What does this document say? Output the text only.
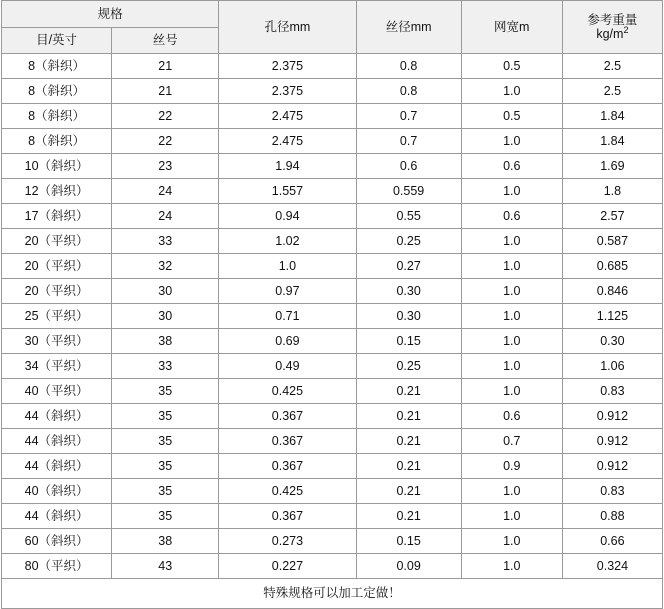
规格		孔径mm	丝径mm	网宽m	参考重量
$kg/m^2$
目/英寸	丝号				
8（斜织）	21	2.375	0.8	0.5	2.5
8（斜织）	21	2.375	0.8	1.0	2.5
8（斜织）	22	2.475	0.7	0.5	1.84
8（斜织）	22	2.475	0.7	1.0	1.84
10（斜织）	23	1.94	0.6	0.6	1.69
12（斜织）	24	1.557	0.559	1.0	1.8
17（斜织）	24	0.94	0.55	0.6	2.57
20（平织）	33	1.02	0.25	1.0	0.587
20（平织）	32	1.0	0.27	1.0	0.685
20（平织）	30	0.97	0.30	1.0	0.846
25（平织）	30	0.71	0.30	1.0	1.125
30（平织）	38	0.69	0.15	1.0	0.30
34（平织）	33	0.49	0.25	1.0	1.06
40（平织）	35	0.425	0.21	1.0	0.83
44（斜织）	35	0.367	0.21	0.6	0.912
44（斜织）	35	0.367	0.21	0.7	0.912
44（斜织）	35	0.367	0.21	0.9	0.912
40（斜织）	35	0.425	0.21	1.0	0.83
44（斜织）	35	0.367	0.21	1.0	0.88
60（斜织）	38	0.273	0.15	1.0	0.66
80（平织）	43	0.227	0.09	1.0	0.324
特殊规格可以加工定做！					
